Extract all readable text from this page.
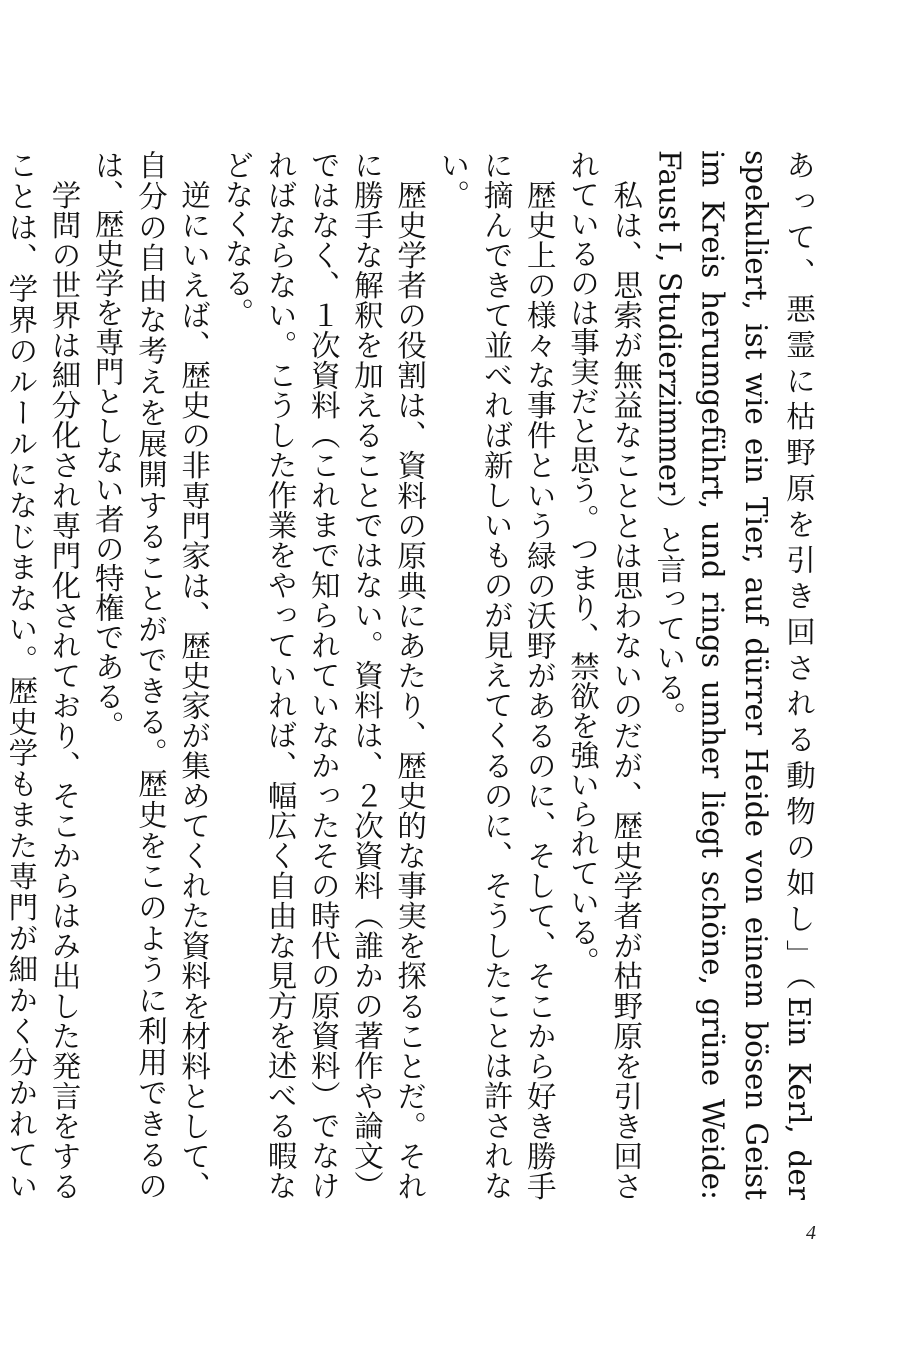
あって、悪霊に枯野原を引き回される動物の如し」（Ein Kerl, der spekuliert, ist wie ein Tier, auf dürrer Heide von einem bösen Geist im Kreis herumgeführt, und rings umher liegt schöne, grüne Weide: Faust I, Studierzimmer）と言っている。

私は、思索が無益なこととは思わないのだが、歴史学者が枯野原を引き回されているのは事実だと思う。つまり、禁欲を強いられている。

歴史上の様々な事件という緑の沃野があるのに、そして、そこから好き勝手に摘んできて並べれば新しいものが見えてくるのに、そうしたことは許されない。

歴史学者の役割は、資料の原典にあたり、歴史的な事実を探ることだ。それに勝手な解釈を加えることではない。資料は、２次資料（誰かの著作や論文）ではなく、１次資料（これまで知られていなかったその時代の原資料）でなければならない。こうした作業をやっていれば、幅広く自由な見方を述べる暇などなくなる。

逆にいえば、歴史の非専門家は、歴史家が集めてくれた資料を材料として、自分の自由な考えを展開することができる。歴史をこのように利用できるのは、歴史学を専門としない者の特権である。

学問の世界は細分化され専門化されており、そこからはみ出した発言をすることは、学界のルールになじまない。歴史学もまた専門が細かく分かれてい

4
